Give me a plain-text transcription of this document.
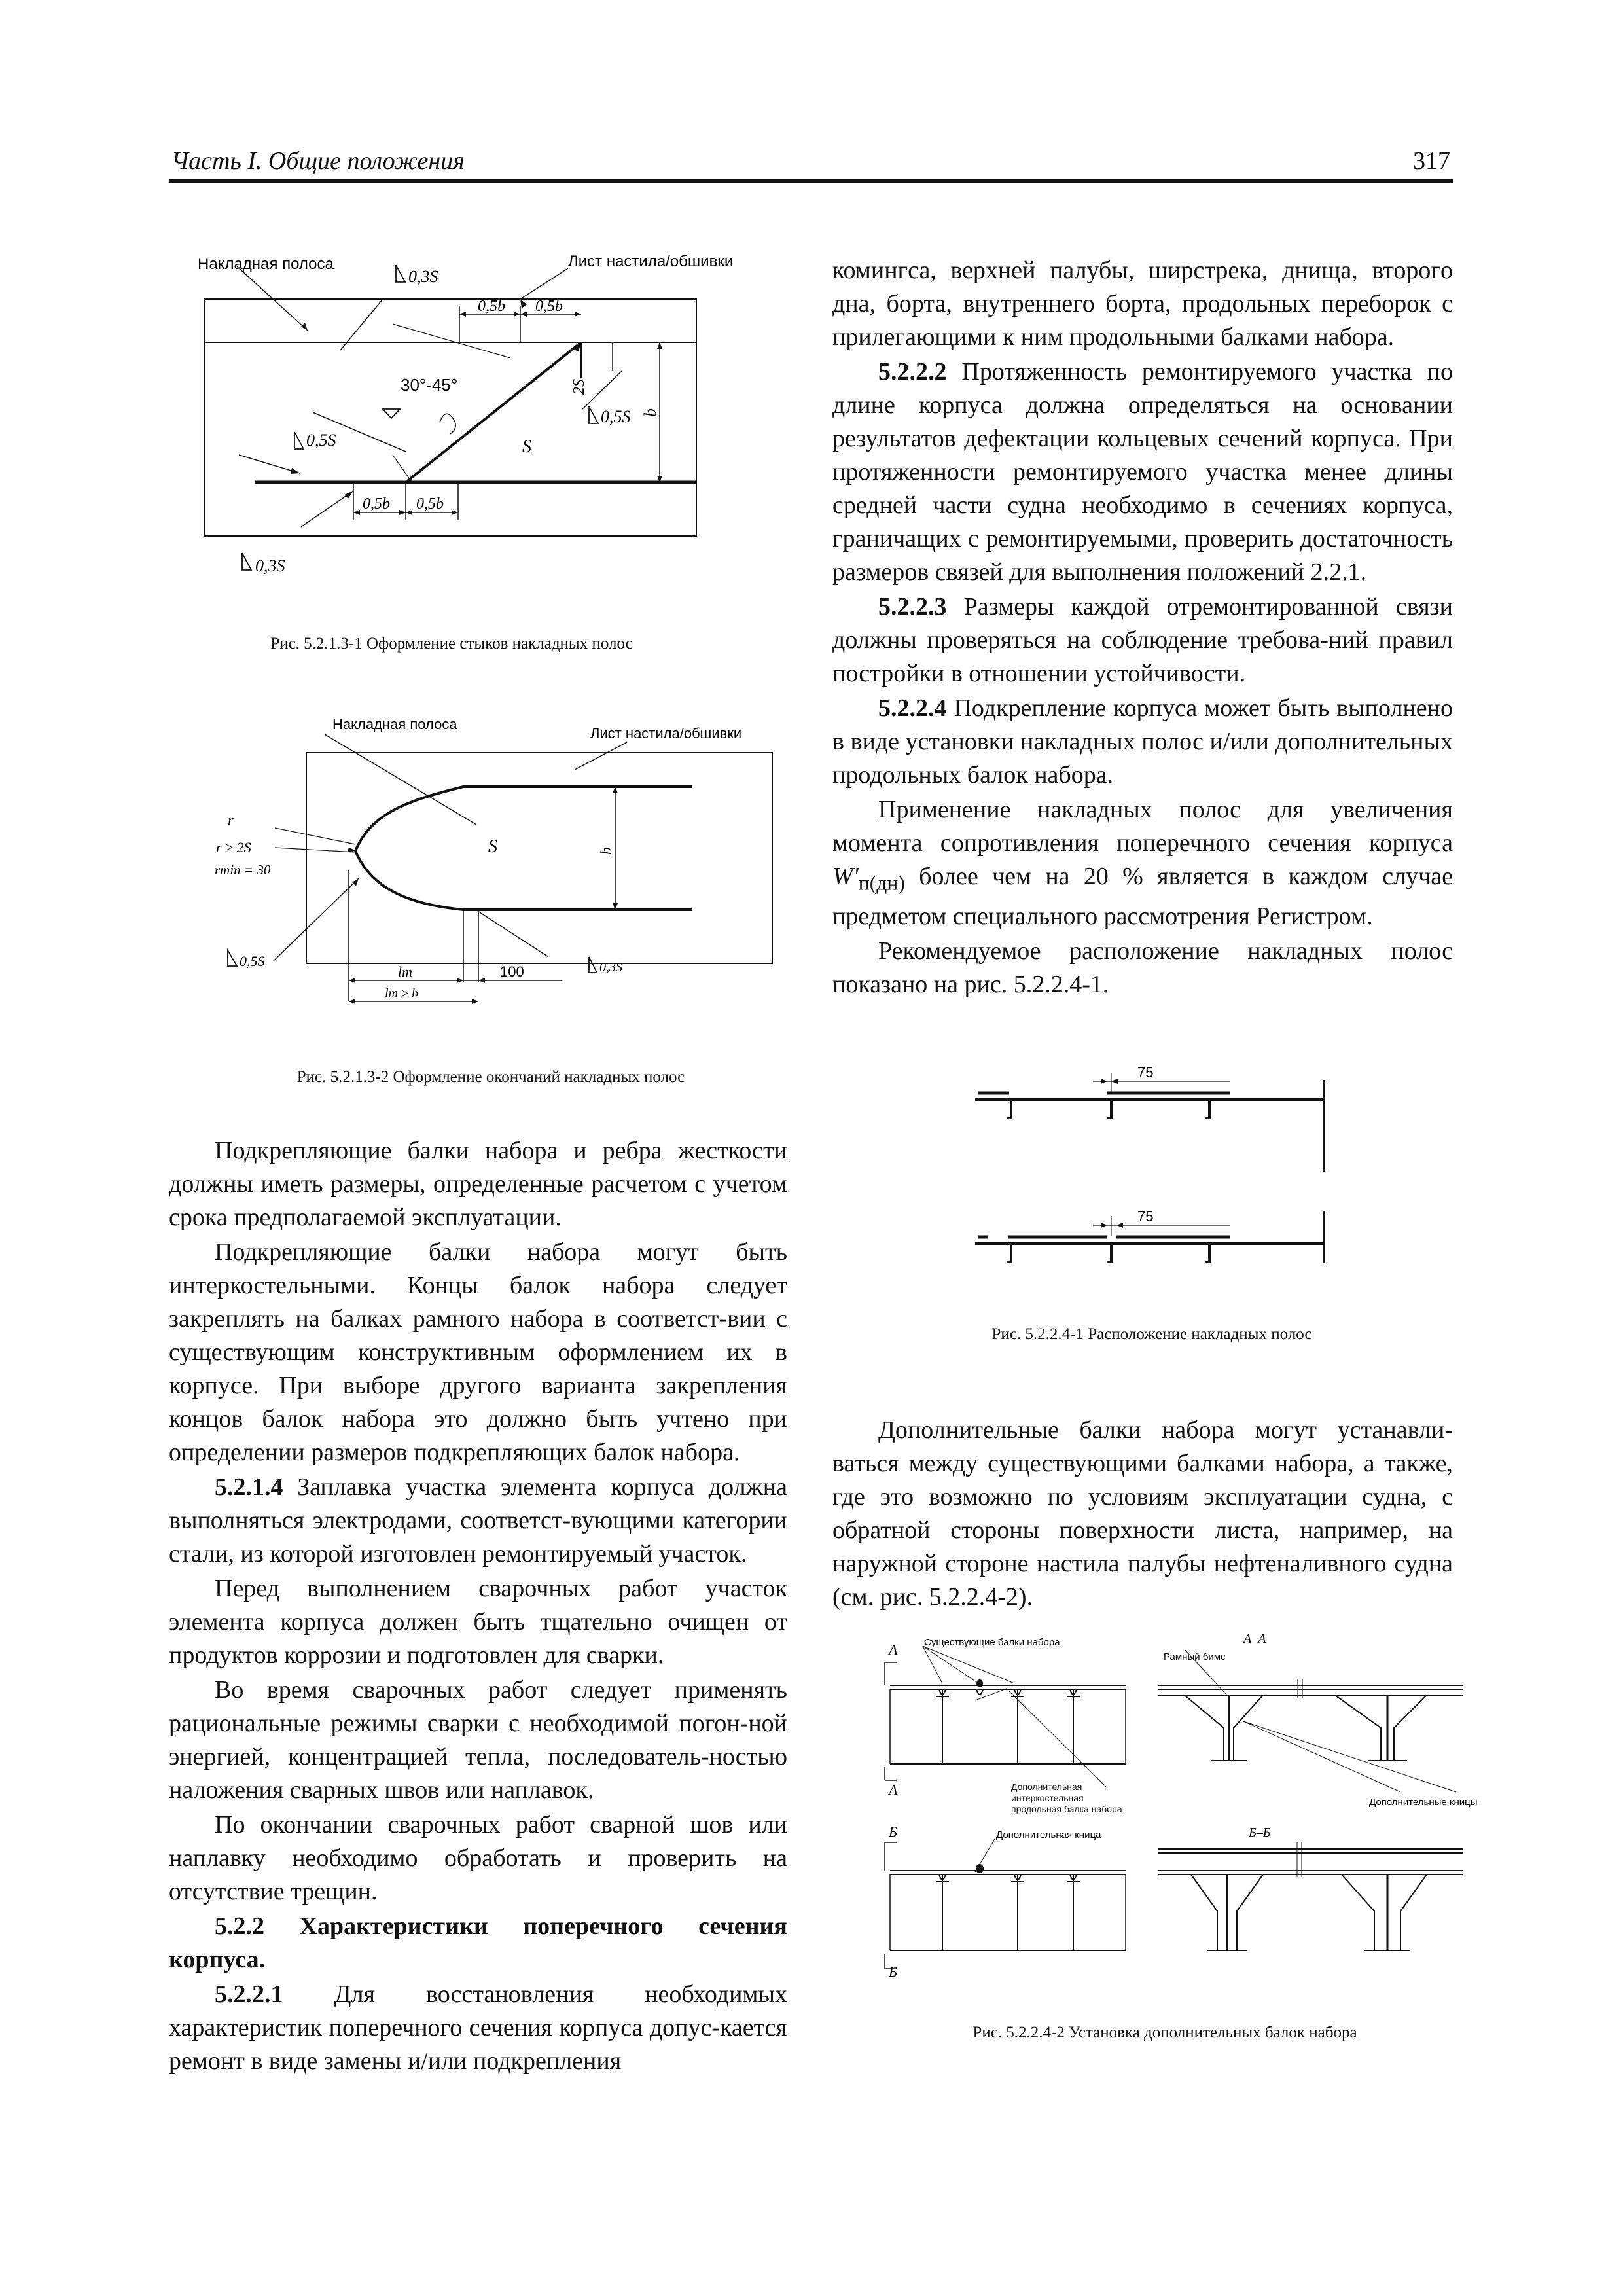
Часть I. Общие положения	317
Накладная полоса	Лист настила/обшивки
0,3S
0,5S
0,5S
0,3S
0,5b 0,5b
0,5b 0,5b
30°-45°	2S
b
S
Рис. 5.2.1.3-1 Оформление стыков накладных полос
Накладная полоса
Лист настила/обшивки
r
r ≥ 2S
rmin = 30
S	b
0,5S	0,3S
lm	100
lm ≥ b
Рис. 5.2.1.3-2 Оформление окончаний накладных полос

Подкрепляющие балки набора и ребра жесткости должны иметь размеры, определенные расчетом с учетом срока предполагаемой эксплуатации.

Подкрепляющие балки набора могут быть интеркостельными. Концы балок набора следует закреплять на балках рамного набора в соответст-вии с существующим конструктивным оформлением их в корпусе. При выборе другого варианта закрепления концов балок набора это должно быть учтено при определении размеров подкрепляющих балок набора.

5.2.1.4 Заплавка участка элемента корпуса должна выполняться электродами, соответст-вующими категории стали, из которой изготовлен ремонтируемый участок.

Перед выполнением сварочных работ участок элемента корпуса должен быть тщательно очищен от продуктов коррозии и подготовлен для сварки.

Во время сварочных работ следует применять рациональные режимы сварки с необходимой погон-ной энергией, концентрацией тепла, последователь-ностью наложения сварных швов или наплавок.

По окончании сварочных работ сварной шов или наплавку необходимо обработать и проверить на отсутствие трещин.

5.2.2 Характеристики поперечного сечения корпуса.

5.2.2.1 Для восстановления необходимых характеристик поперечного сечения корпуса допус-кается ремонт в виде замены и/или подкрепления

комингса, верхней палубы, ширстрека, днища, второго дна, борта, внутреннего борта, продольных переборок с прилегающими к ним продольными балками набора.

5.2.2.2 Протяженность ремонтируемого участка по длине корпуса должна определяться на основании результатов дефектации кольцевых сечений корпуса. При протяженности ремонтируемого участка менее длины средней части судна необходимо в сечениях корпуса, граничащих с ремонтируемыми, проверить достаточность размеров связей для выполнения положений 2.2.1.

5.2.2.3 Размеры каждой отремонтированной связи должны проверяться на соблюдение требова-ний правил постройки в отношении устойчивости.

5.2.2.4 Подкрепление корпуса может быть выполнено в виде установки накладных полос и/или дополнительных продольных балок набора.

Применение накладных полос для увеличения момента сопротивления поперечного сечения корпуса $W'_{п(дн)}$ более чем на 20 % является в каждом случае предметом специального рассмотрения Регистром.

Рекомендуемое расположение накладных полос показано на рис. 5.2.2.4-1.

75
75
Рис. 5.2.2.4-1 Расположение накладных полос

Дополнительные балки набора могут устанавли-ваться между существующими балками набора, а также, где это возможно по условиям эксплуатации судна, с обратной стороны поверхности листа, например, на наружной стороне настила палубы нефтеналивного судна (см. рис. 5.2.2.4-2).

А
А
Б
Б
Существующие балки набора
Рамный бимс
А–А
Дополнительная интеркостельная продольная балка набора
Дополнительные кницы
Дополнительная кница	Б–Б
Рис. 5.2.2.4-2 Установка дополнительных балок набора
